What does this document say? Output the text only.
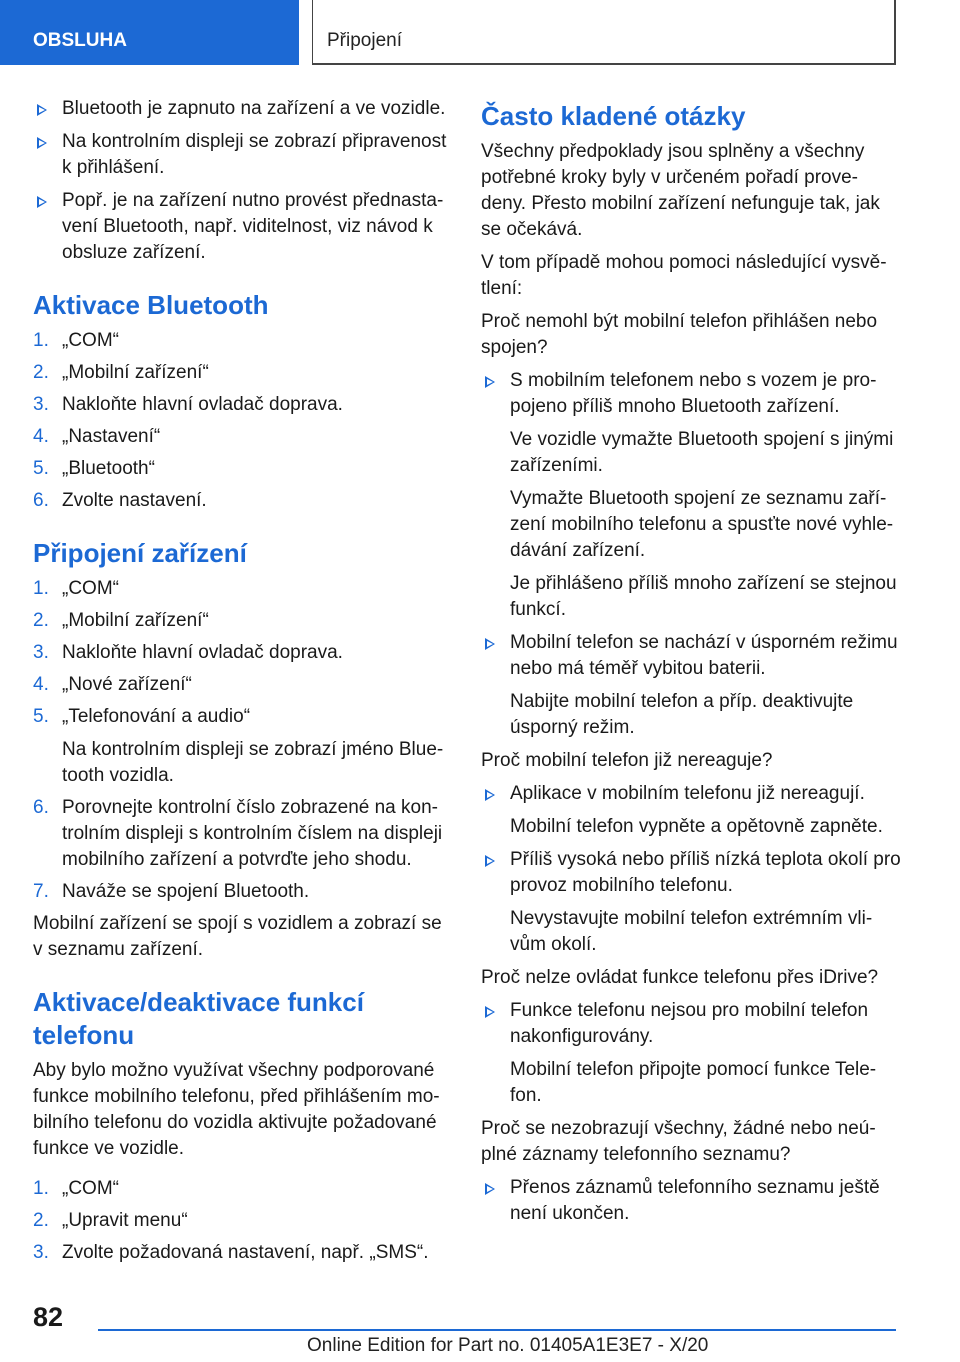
OBSLUHA	Připojení
Bluetooth je zapnuto na zařízení a ve vozidle.
Na kontrolním displeji se zobrazí připravenost k přihlášení.
Popř. je na zařízení nutno provést přednasta-vení Bluetooth, např. viditelnost, viz návod k obsluze zařízení.
Aktivace Bluetooth
1. „COM“
2. „Mobilní zařízení“
3. Nakloňte hlavní ovladač doprava.
4. „Nastavení“
5. „Bluetooth“
6. Zvolte nastavení.
Připojení zařízení
1. „COM“
2. „Mobilní zařízení“
3. Nakloňte hlavní ovladač doprava.
4. „Nové zařízení“
5. „Telefonování a audio“
Na kontrolním displeji se zobrazí jméno Blue-tooth vozidla.
6. Porovnejte kontrolní číslo zobrazené na kon-trolním displeji s kontrolním číslem na displeji mobilního zařízení a potvrďte jeho shodu.
7. Naváže se spojení Bluetooth.
Mobilní zařízení se spojí s vozidlem a zobrazí se v seznamu zařízení.
Aktivace/deaktivace funkcí telefonu
Aby bylo možno využívat všechny podporované funkce mobilního telefonu, před přihlášením mo-bilního telefonu do vozidla aktivujte požadované funkce ve vozidle.
1. „COM“
2. „Upravit menu“
3. Zvolte požadovaná nastavení, např. „SMS“.
Často kladené otázky
Všechny předpoklady jsou splněny a všechny potřebné kroky byly v určeném pořadí prove-deny. Přesto mobilní zařízení nefunguje tak, jak se očekává.
V tom případě mohou pomoci následující vysvě-tlení:
Proč nemohl být mobilní telefon přihlášen nebo spojen?
S mobilním telefonem nebo s vozem je pro-pojeno příliš mnoho Bluetooth zařízení.
Ve vozidle vymažte Bluetooth spojení s jinými zařízeními.
Vymažte Bluetooth spojení ze seznamu zaří-zení mobilního telefonu a spusťte nové vyhle-dávání zařízení.
Je přihlášeno příliš mnoho zařízení se stejnou funkcí.
Mobilní telefon se nachází v úsporném režimu nebo má téměř vybitou baterii.
Nabijte mobilní telefon a příp. deaktivujte úsporný režim.
Proč mobilní telefon již nereaguje?
Aplikace v mobilním telefonu již nereagují.
Mobilní telefon vypněte a opětovně zapněte.
Příliš vysoká nebo příliš nízká teplota okolí pro provoz mobilního telefonu.
Nevystavujte mobilní telefon extrémním vli-vům okolí.
Proč nelze ovládat funkce telefonu přes iDrive?
Funkce telefonu nejsou pro mobilní telefon nakonfigurovány.
Mobilní telefon připojte pomocí funkce Tele-fon.
Proč se nezobrazují všechny, žádné nebo neú-plné záznamy telefonního seznamu?
Přenos záznamů telefonního seznamu ještě není ukončen.
82
Online Edition for Part no. 01405A1E3E7 - X/20
